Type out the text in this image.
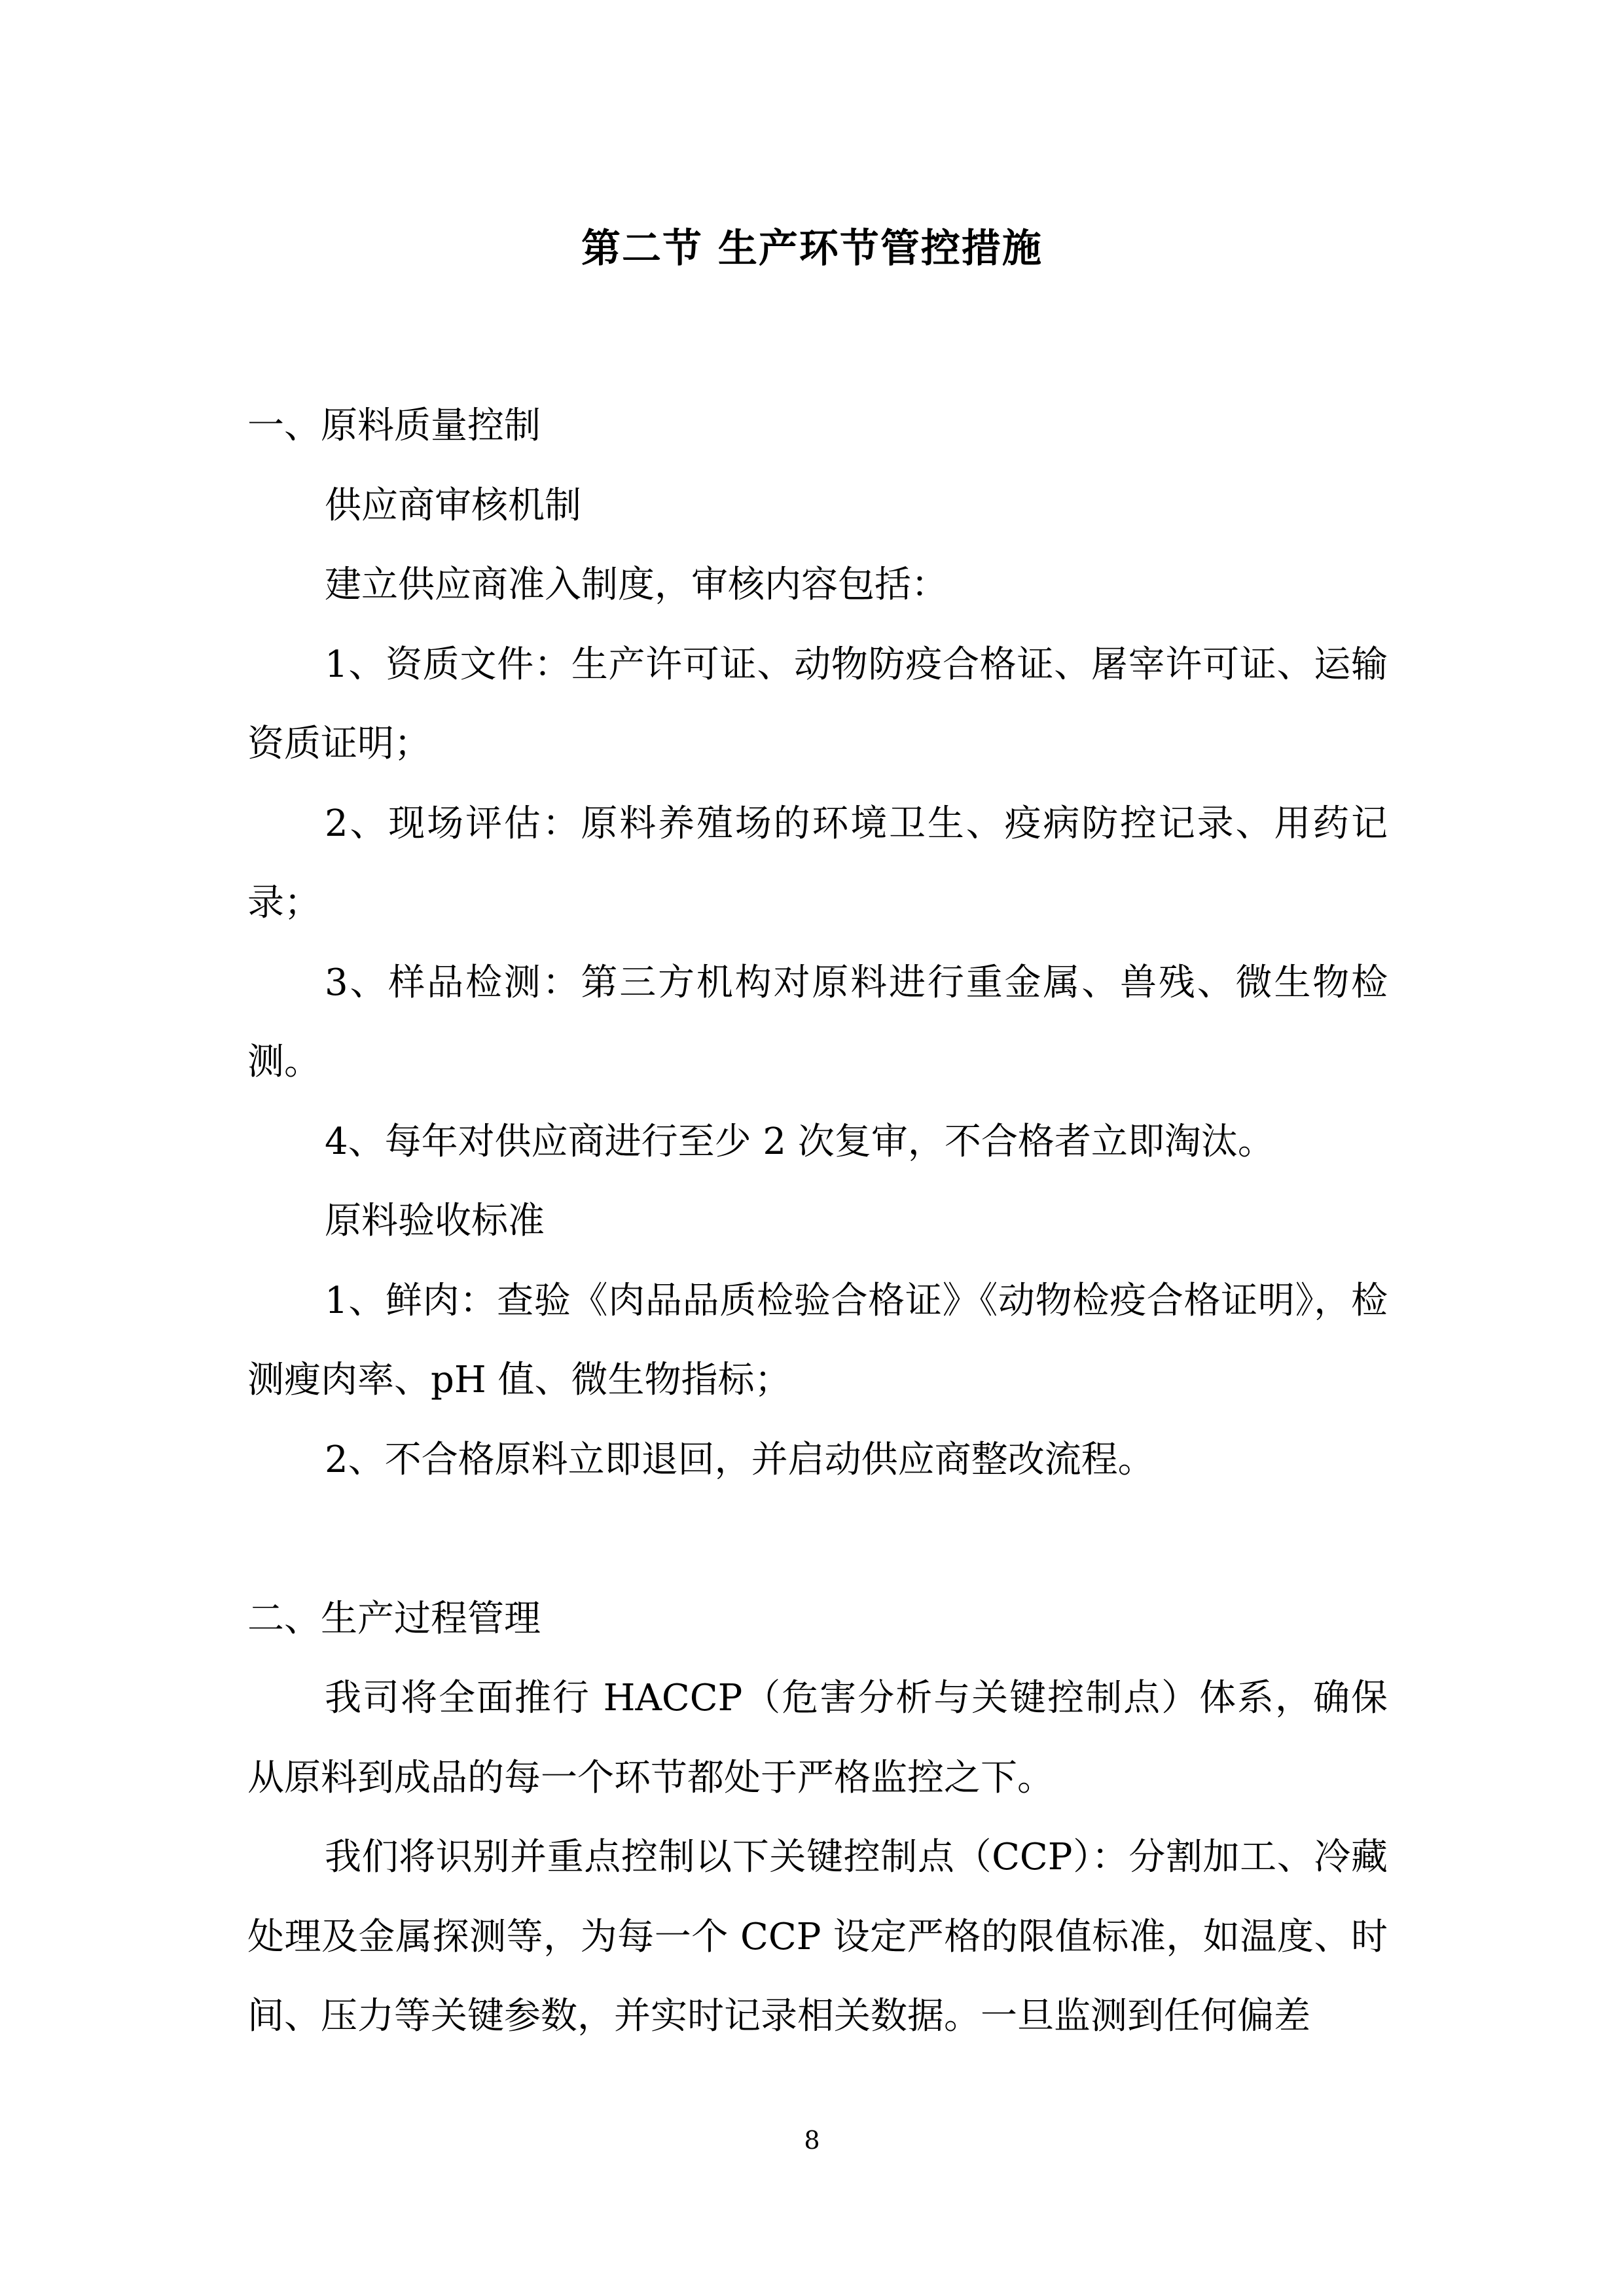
第二节 生产环节管控措施

一、原料质量控制

供应商审核机制

建立供应商准入制度，审核内容包括：

1、资质文件：生产许可证、动物防疫合格证、屠宰许可证、运输资质证明；

2、现场评估：原料养殖场的环境卫生、疫病防控记录、用药记录；

3、样品检测：第三方机构对原料进行重金属、兽残、微生物检测。

4、每年对供应商进行至少 2 次复审，不合格者立即淘汰。

原料验收标准

1、鲜肉：查验《肉品品质检验合格证》《动物检疫合格证明》，检测瘦肉率、pH 值、微生物指标；

2、不合格原料立即退回，并启动供应商整改流程。

二、生产过程管理

我司将全面推行 HACCP（危害分析与关键控制点）体系，确保从原料到成品的每一个环节都处于严格监控之下。

我们将识别并重点控制以下关键控制点（CCP）：分割加工、冷藏处理及金属探测等，为每一个 CCP 设定严格的限值标准，如温度、时间、压力等关键参数，并实时记录相关数据。一旦监测到任何偏差

8
